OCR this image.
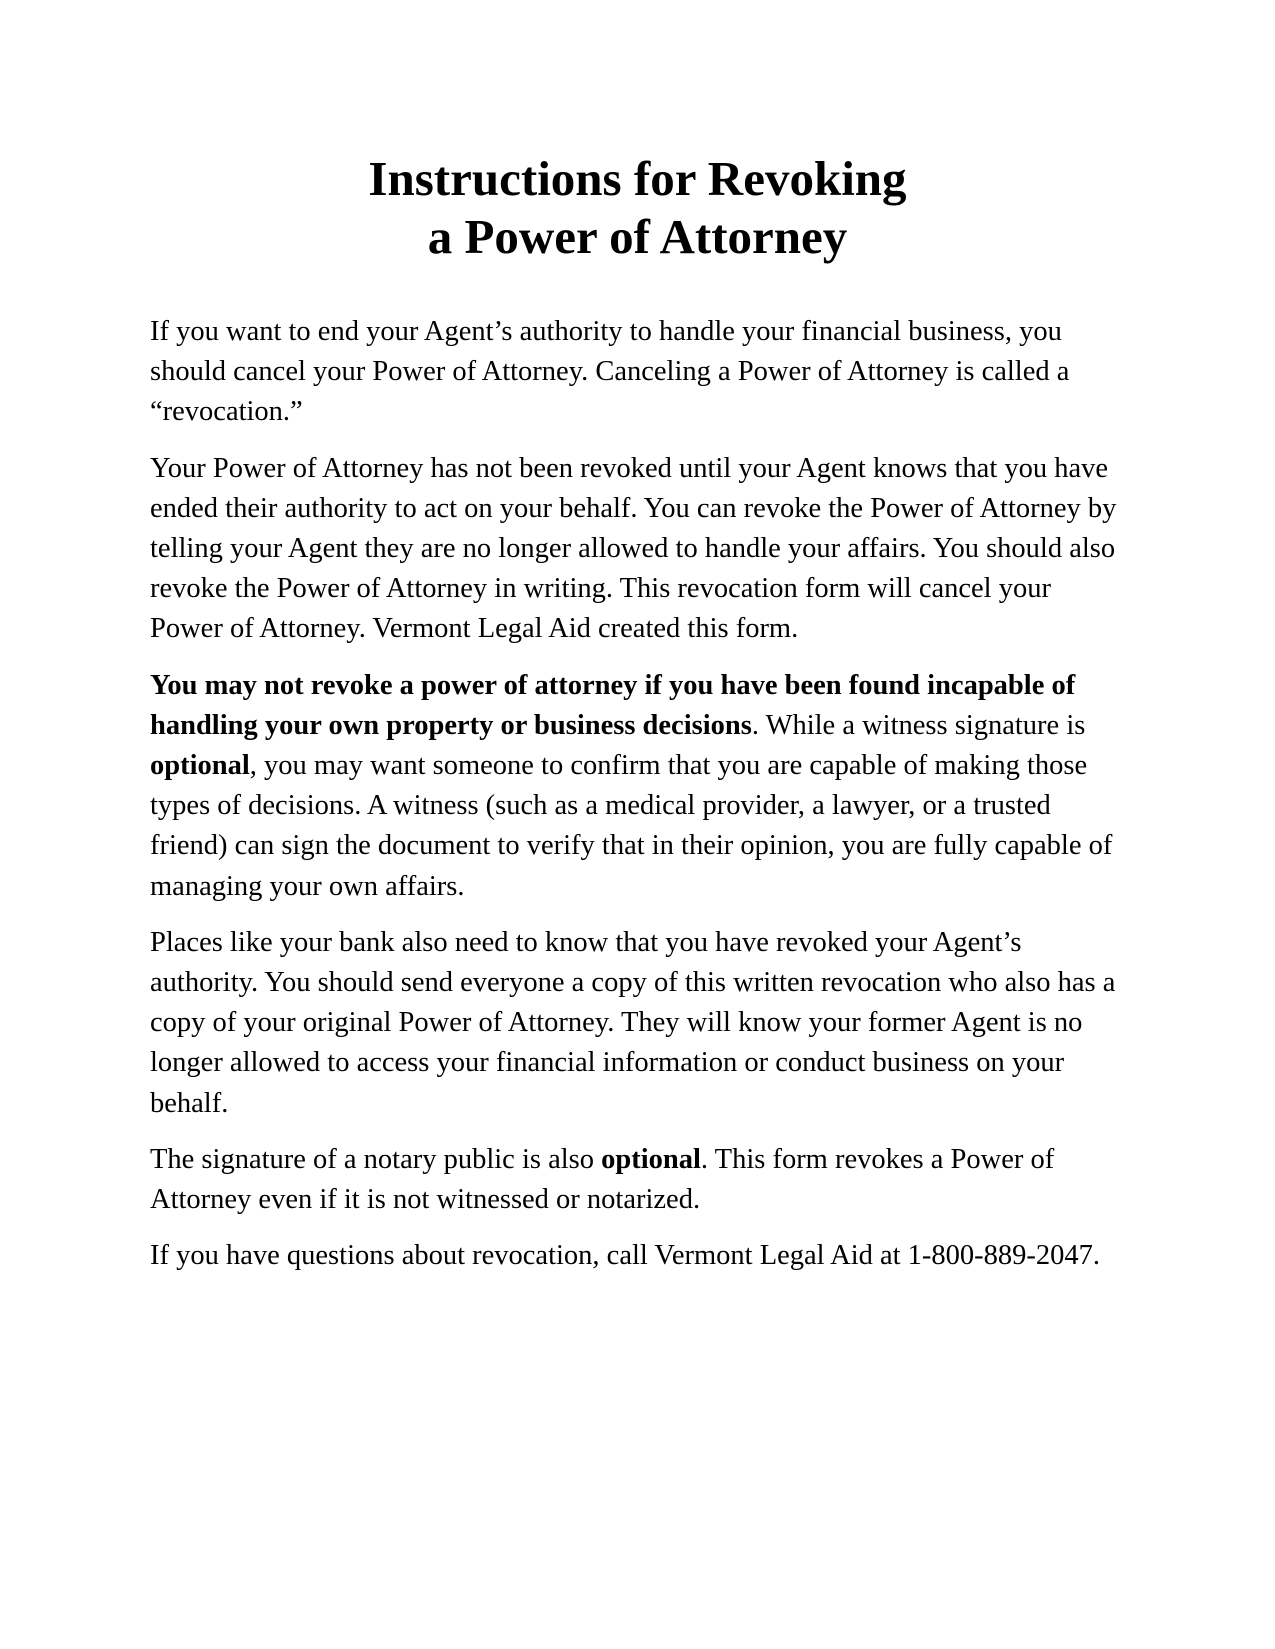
Instructions for Revoking
a Power of Attorney

If you want to end your Agent’s authority to handle your financial business, you should cancel your Power of Attorney. Canceling a Power of Attorney is called a “revocation.”

Your Power of Attorney has not been revoked until your Agent knows that you have ended their authority to act on your behalf. You can revoke the Power of Attorney by telling your Agent they are no longer allowed to handle your affairs. You should also revoke the Power of Attorney in writing. This revocation form will cancel your Power of Attorney. Vermont Legal Aid created this form.

You may not revoke a power of attorney if you have been found incapable of handling your own property or business decisions. While a witness signature is optional, you may want someone to confirm that you are capable of making those types of decisions. A witness (such as a medical provider, a lawyer, or a trusted friend) can sign the document to verify that in their opinion, you are fully capable of managing your own affairs.

Places like your bank also need to know that you have revoked your Agent’s authority. You should send everyone a copy of this written revocation who also has a copy of your original Power of Attorney. They will know your former Agent is no longer allowed to access your financial information or conduct business on your behalf.

The signature of a notary public is also optional. This form revokes a Power of Attorney even if it is not witnessed or notarized.

If you have questions about revocation, call Vermont Legal Aid at 1-800-889-2047.
